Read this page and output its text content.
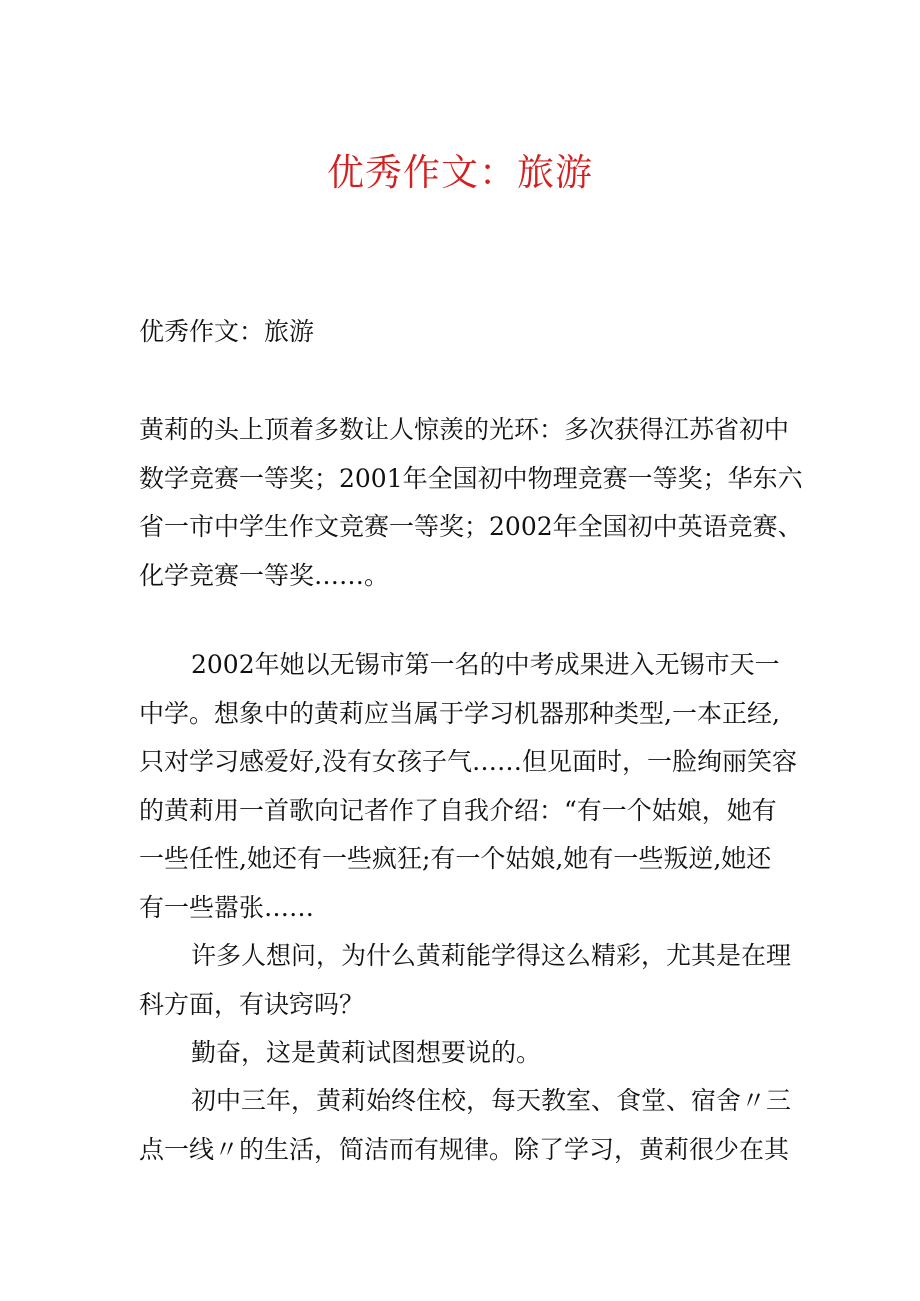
优秀作文：旅游
优秀作文：旅游

黄莉的头上顶着多数让人惊羡的光环：多次获得江苏省初中
数学竞赛一等奖；2001年全国初中物理竞赛一等奖；华东六
省一市中学生作文竞赛一等奖；2002年全国初中英语竞赛、
化学竞赛一等奖……。

2002年她以无锡市第一名的中考成果进入无锡市天一
中学。想象中的黄莉应当属于学习机器那种类型,一本正经,
只对学习感爱好,没有女孩子气……但见面时，一脸绚丽笑容
的黄莉用一首歌向记者作了自我介绍：“有一个姑娘，她有
一些任性,她还有一些疯狂;有一个姑娘,她有一些叛逆,她还
有一些嚣张……

许多人想问，为什么黄莉能学得这么精彩，尤其是在理
科方面，有诀窍吗？

勤奋，这是黄莉试图想要说的。

初中三年，黄莉始终住校，每天教室、食堂、宿舍〃三
点一线〃的生活，简洁而有规律。除了学习，黄莉很少在其
